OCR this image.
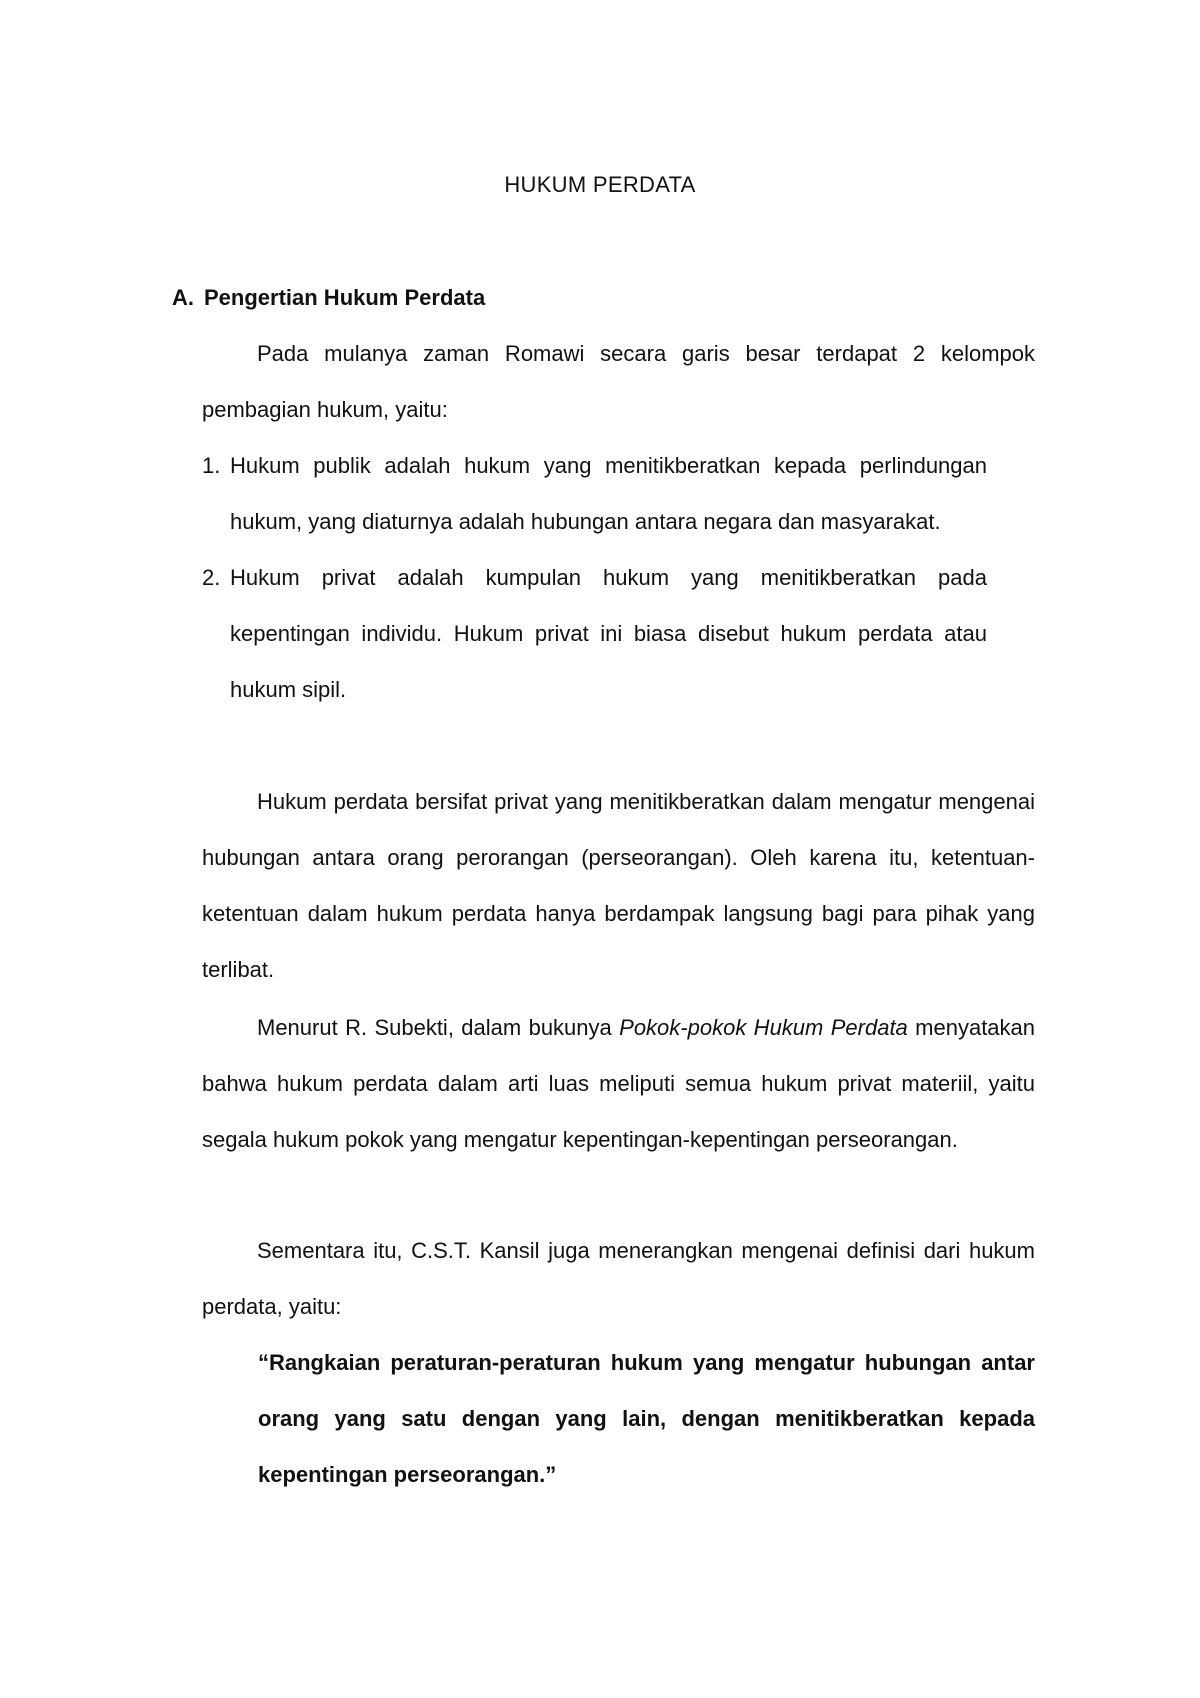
HUKUM PERDATA
A. Pengertian Hukum Perdata

Pada mulanya zaman Romawi secara garis besar terdapat 2 kelompok pembagian hukum, yaitu:

1. Hukum publik adalah hukum yang menitikberatkan kepada perlindungan hukum, yang diaturnya adalah hubungan antara negara dan masyarakat.
2. Hukum privat adalah kumpulan hukum yang menitikberatkan pada kepentingan individu. Hukum privat ini biasa disebut hukum perdata atau hukum sipil.

Hukum perdata bersifat privat yang menitikberatkan dalam mengatur mengenai hubungan antara orang perorangan (perseorangan). Oleh karena itu, ketentuan-ketentuan dalam hukum perdata hanya berdampak langsung bagi para pihak yang terlibat.

Menurut R. Subekti, dalam bukunya Pokok-pokok Hukum Perdata menyatakan bahwa hukum perdata dalam arti luas meliputi semua hukum privat materiil, yaitu segala hukum pokok yang mengatur kepentingan-kepentingan perseorangan.

Sementara itu, C.S.T. Kansil juga menerangkan mengenai definisi dari hukum perdata, yaitu:

“Rangkaian peraturan-peraturan hukum yang mengatur hubungan antar orang yang satu dengan yang lain, dengan menitikberatkan kepada kepentingan perseorangan.”
